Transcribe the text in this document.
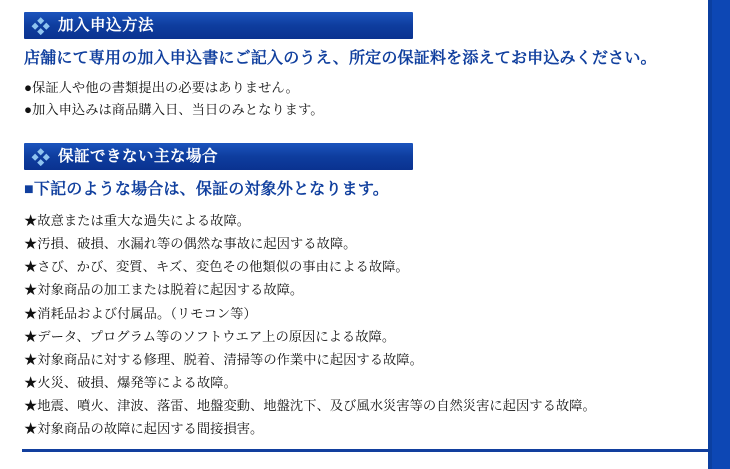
加入申込方法

店舗にて専用の加入申込書にご記入のうえ、所定の保証料を添えてお申込みください。

●保証人や他の書類提出の必要はありません。
●加入申込みは商品購入日、当日のみとなります。
保証できない主な場合

■下記のような場合は、保証の対象外となります。

★故意または重大な過失による故障。
★汚損、破損、水漏れ等の偶然な事故に起因する故障。
★さび、かび、変質、キズ、変色その他類似の事由による故障。
★対象商品の加工または脱着に起因する故障。
★消耗品および付属品。（リモコン等）
★データ、プログラム等のソフトウエア上の原因による故障。
★対象商品に対する修理、脱着、清掃等の作業中に起因する故障。
★火災、破損、爆発等による故障。
★地震、噴火、津波、落雷、地盤変動、地盤沈下、及び風水災害等の自然災害に起因する故障。
★対象商品の故障に起因する間接損害。
